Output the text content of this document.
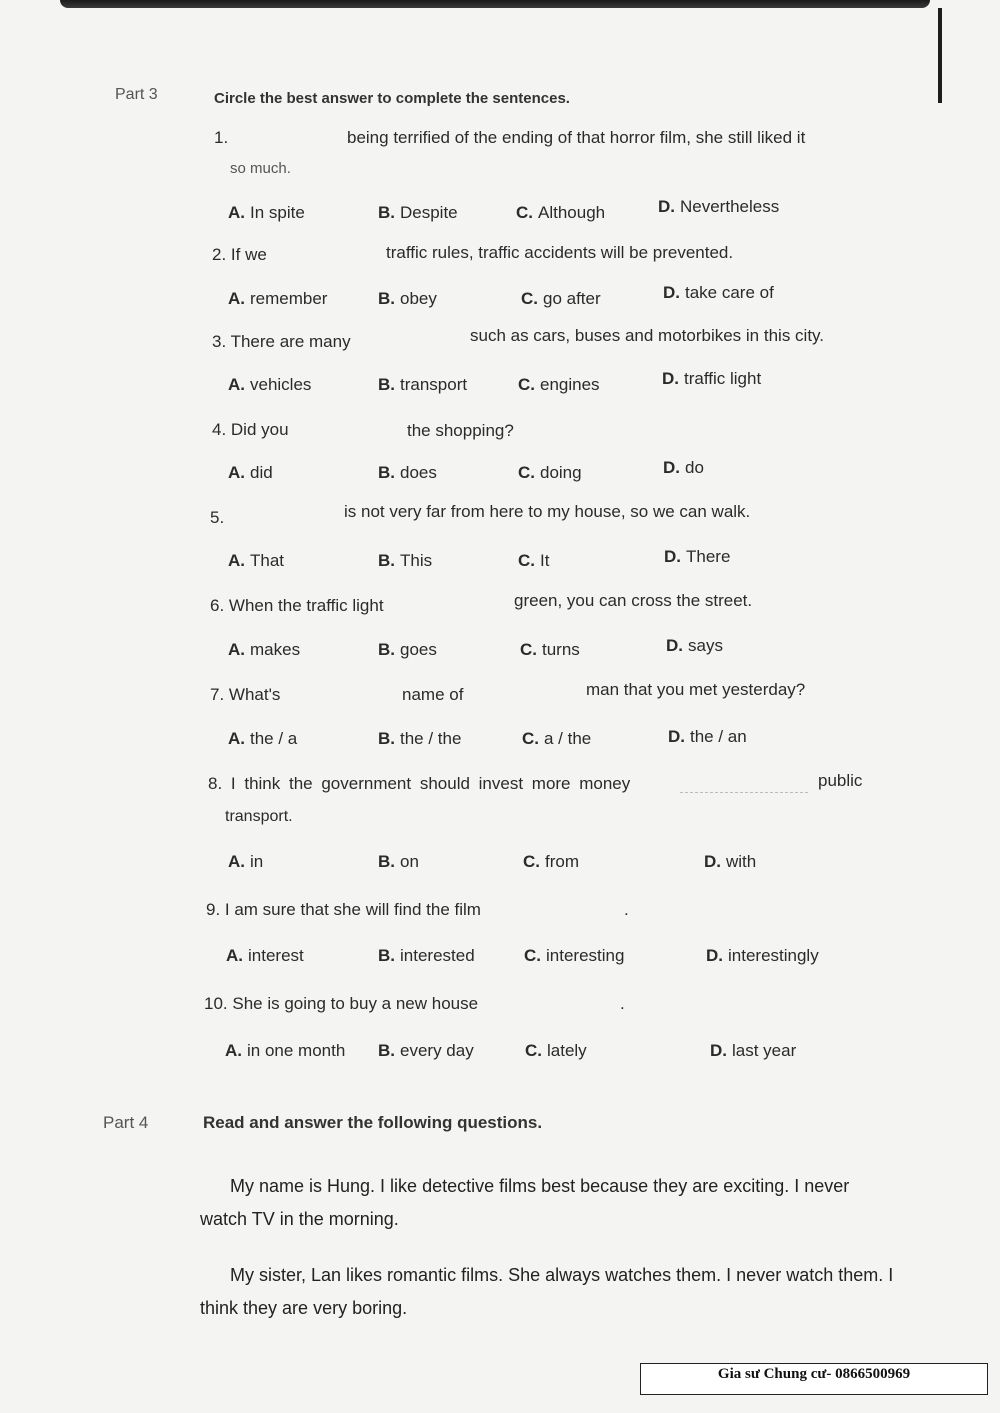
Part 3	Circle the best answer to complete the sentences.
1.	being terrified of the ending of that horror film, she still liked it
so much.
A. In spite	B. Despite	C. Although	D. Nevertheless
2. If we	traffic rules, traffic accidents will be prevented.
A. remember	B. obey	C. go after	D. take care of
3. There are many	such as cars, buses and motorbikes in this city.
A. vehicles	B. transport	C. engines	D. traffic light
4. Did you	the shopping?
A. did	B. does	C. doing	D. do
5.	is not very far from here to my house, so we can walk.
A. That	B. This	C. It	D. There
6. When the traffic light	green, you can cross the street.
A. makes	B. goes	C. turns	D. says
7. What's	name of	man that you met yesterday?
A. the / a	B. the / the	C. a / the	D. the / an
8. I think the government should invest more money	public
transport.
A. in	B. on	C. from	D. with
9. I am sure that she will find the film	.
A. interest	B. interested	C. interesting	D. interestingly
10. She is going to buy a new house	.
A. in one month B. every day	C. lately	D. last year
Part 4	Read and answer the following questions.
My name is Hung. I like detective films best because they are exciting. I never watch TV in the morning.
My sister, Lan likes romantic films. She always watches them. I never watch them. I think they are very boring.
Gia sư Chung cư- 0866500969
